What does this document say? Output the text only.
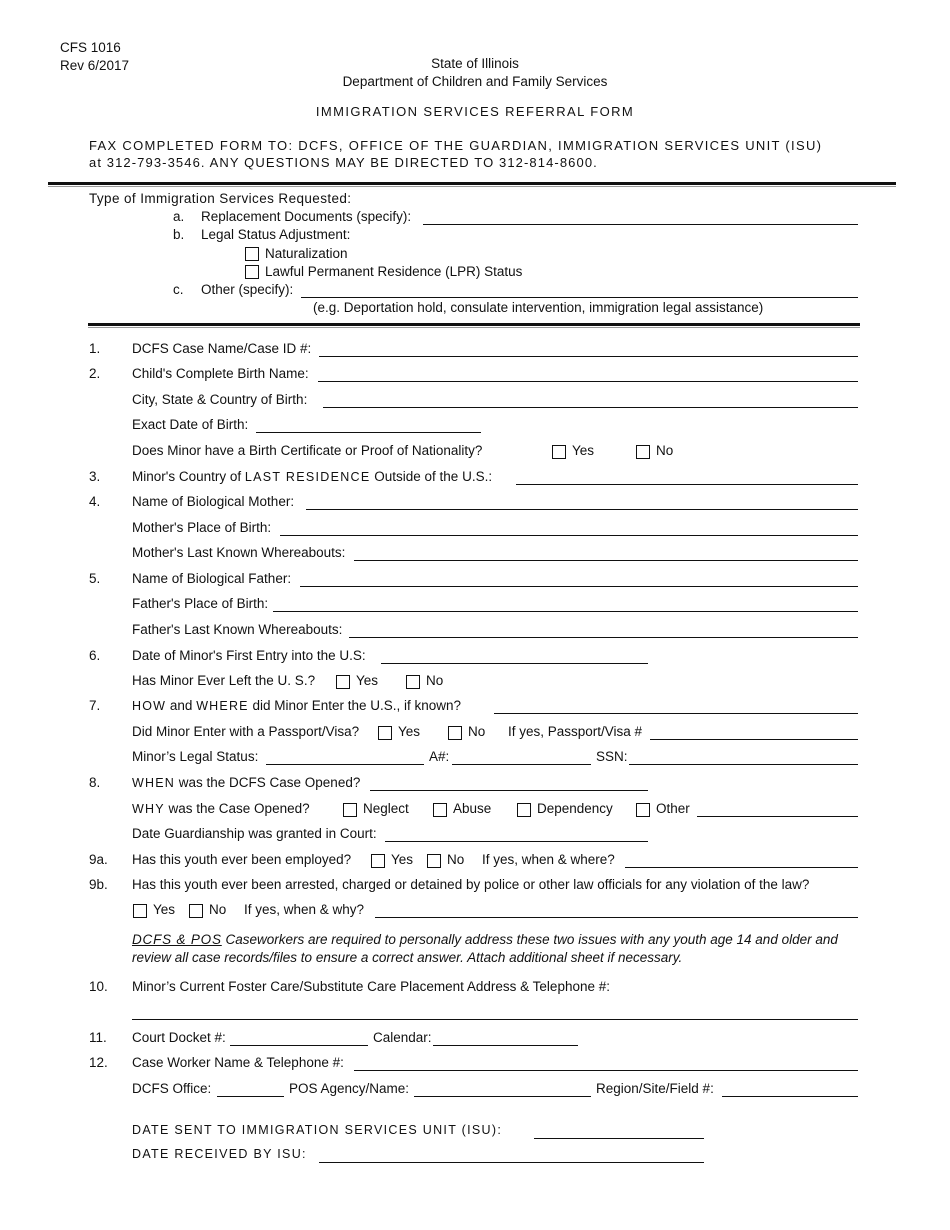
CFS 1016
Rev 6/2017	State of Illinois
Department of Children and Family Services
IMMIGRATION SERVICES REFERRAL FORM
FAX COMPLETED FORM TO: DCFS, OFFICE OF THE GUARDIAN, IMMIGRATION SERVICES UNIT (ISU)
at 312-793-3546. ANY QUESTIONS MAY BE DIRECTED TO 312-814-8600.
Type of Immigration Services Requested:
a. Replacement Documents (specify):
b. Legal Status Adjustment:
Naturalization
Lawful Permanent Residence (LPR) Status
c. Other (specify):
(e.g. Deportation hold, consulate intervention, immigration legal assistance)
1. DCFS Case Name/Case ID #:
2. Child's Complete Birth Name:
City, State & Country of Birth:
Exact Date of Birth:
Does Minor have a Birth Certificate or Proof of Nationality?	Yes	No
3. Minor's Country of LAST RESIDENCE Outside of the U.S.:
4. Name of Biological Mother:
Mother's Place of Birth:
Mother's Last Known Whereabouts:
5. Name of Biological Father:
Father's Place of Birth:
Father's Last Known Whereabouts:
6. Date of Minor's First Entry into the U.S:
Has Minor Ever Left the U. S.?	Yes	No
7.	HOW and WHERE did Minor Enter the U.S., if known?
Did Minor Enter with a Passport/Visa?	Yes	No If yes, Passport/Visa #
Minor’s Legal Status:	A#:	SSN:
8.	WHEN was the DCFS Case Opened?
WHY was the Case Opened?	Neglect	Abuse	Dependency	Other
Date Guardianship was granted in Court:
9a. Has this youth ever been employed?	Yes	No If yes, when & where?
9b. Has this youth ever been arrested, charged or detained by police or other law officials for any violation of the law?
Yes	No If yes, when & why?
DCFS & POS Caseworkers are required to personally address these two issues with any youth age 14 and older and
review all case records/files to ensure a correct answer. Attach additional sheet if necessary.
10. Minor’s Current Foster Care/Substitute Care Placement Address & Telephone #:
11. Court Docket #:	Calendar:
12. Case Worker Name & Telephone #:
DCFS Office:	POS Agency/Name:	Region/Site/Field #:
DATE SENT TO IMMIGRATION SERVICES UNIT (ISU):
DATE RECEIVED BY ISU:
